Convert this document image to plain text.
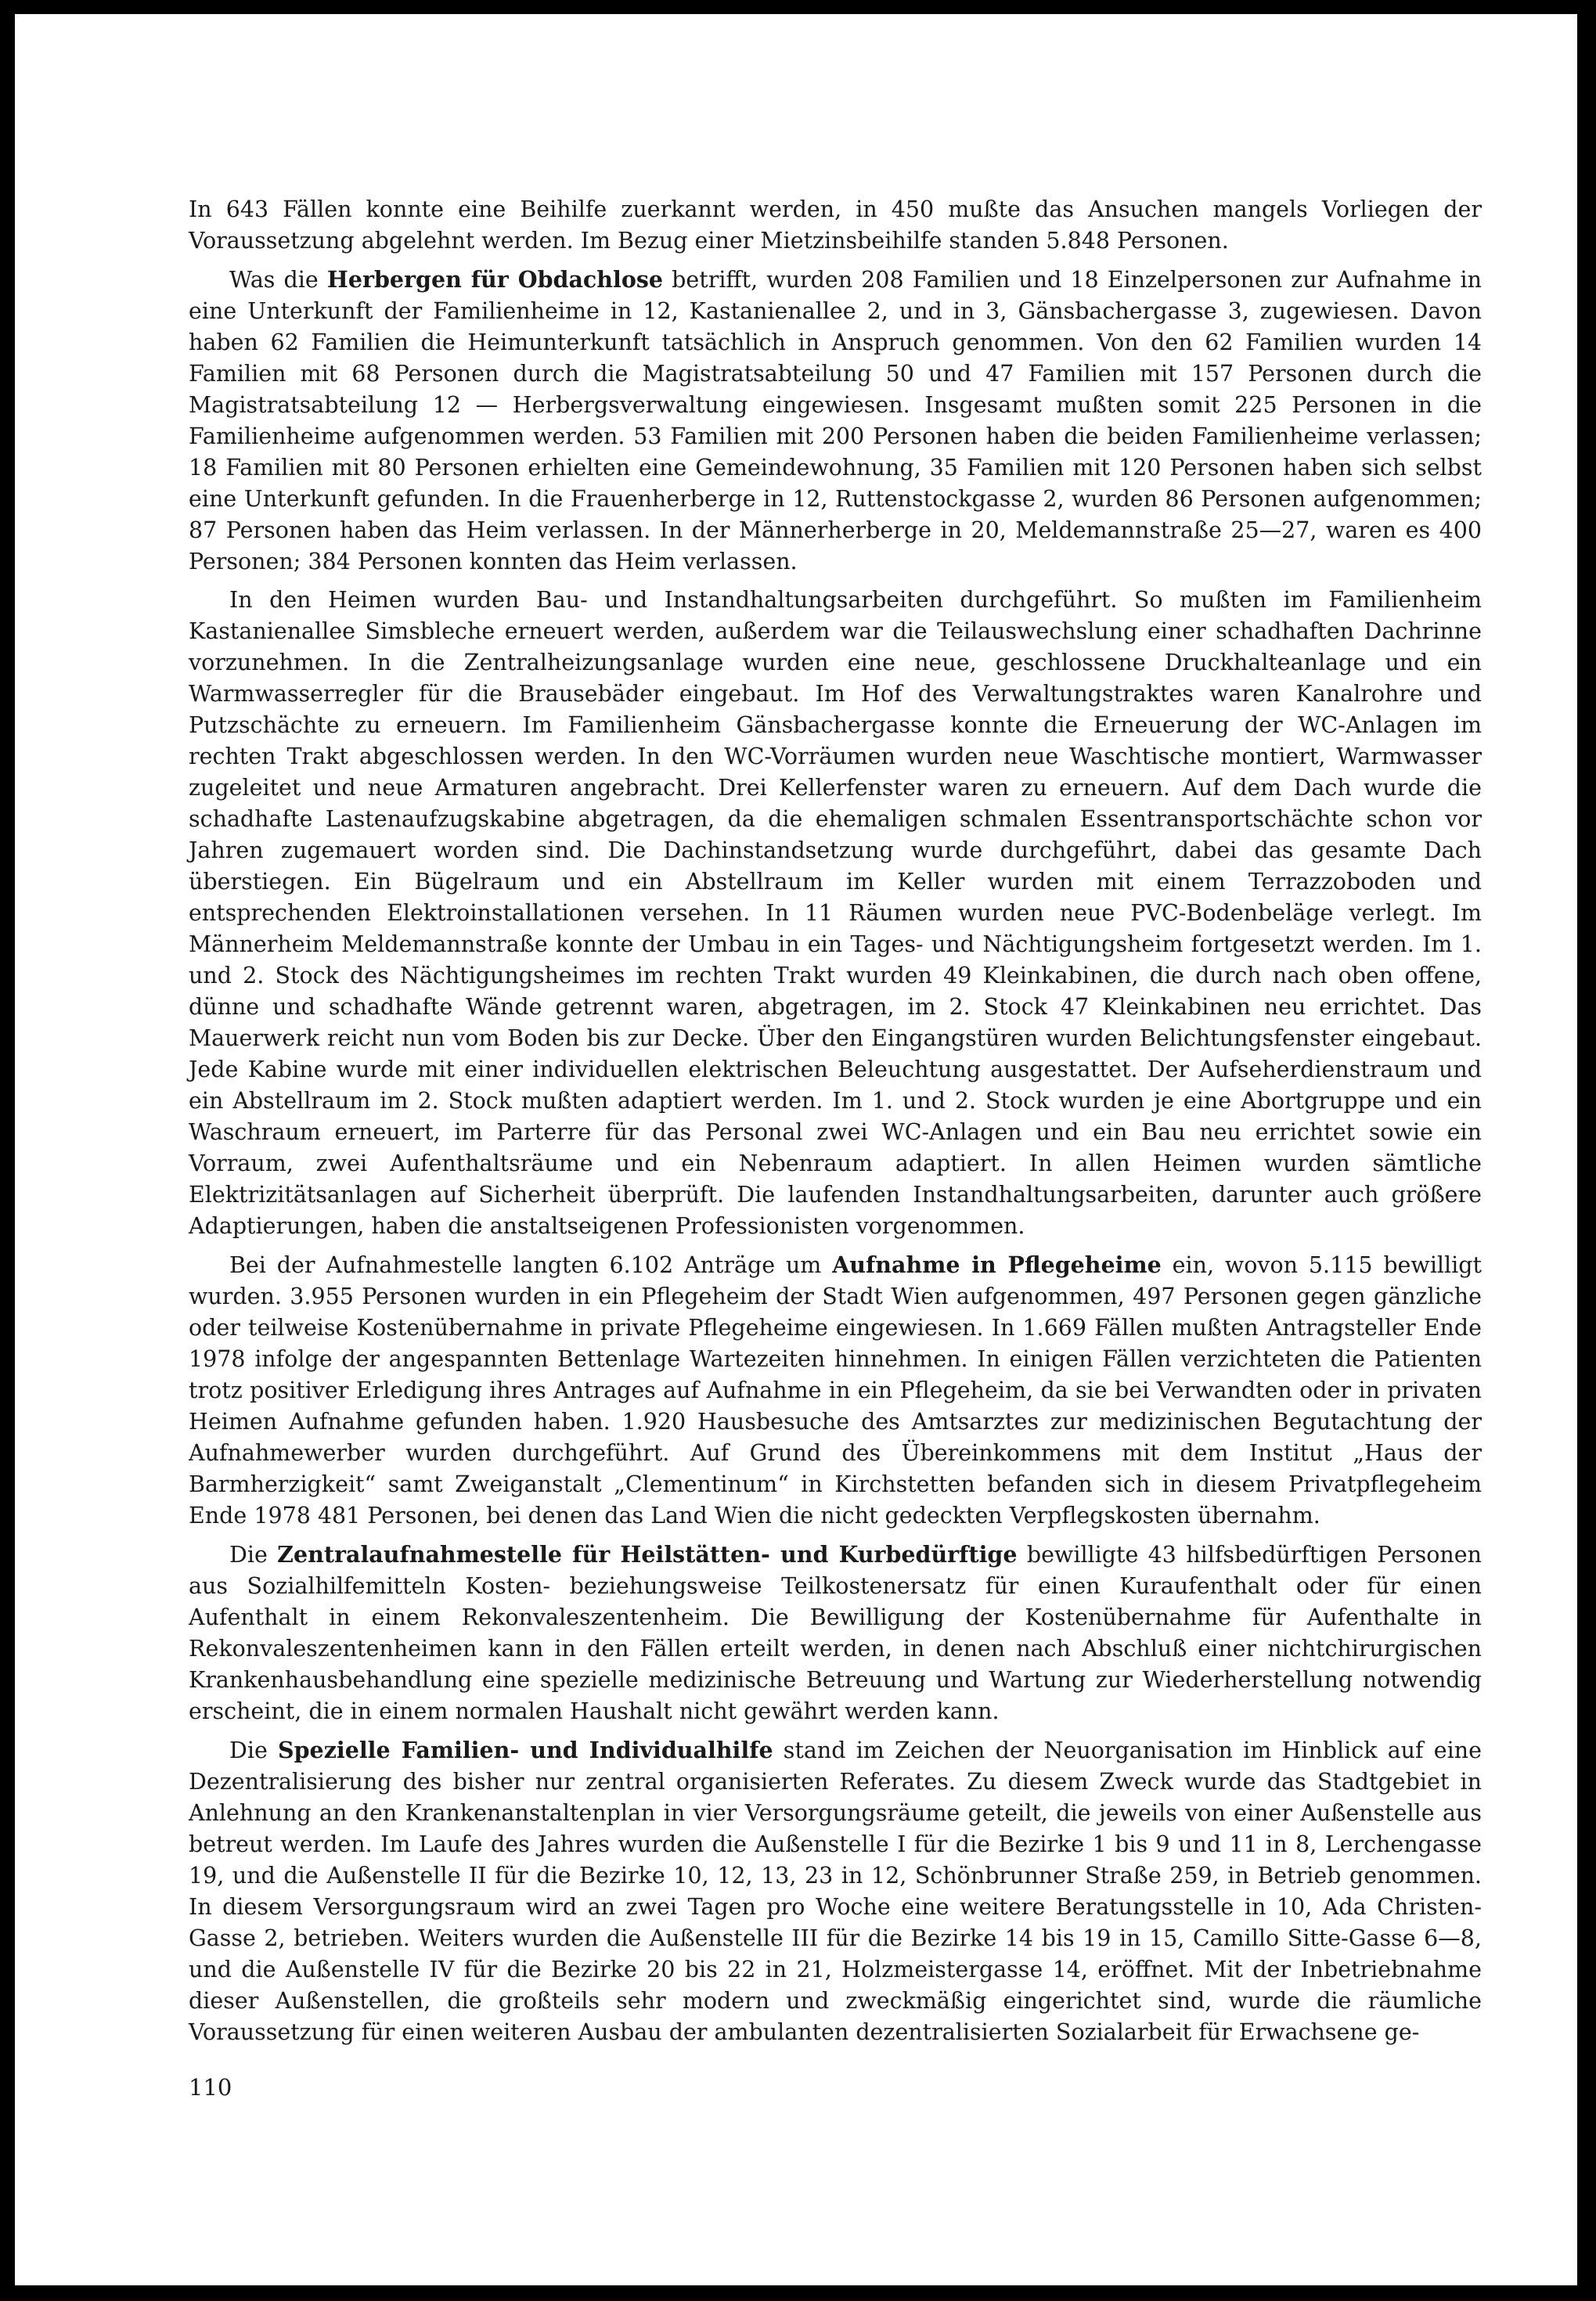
In 643 Fällen konnte eine Beihilfe zuerkannt werden, in 450 mußte das Ansuchen mangels Vorliegen der Voraussetzung abgelehnt werden. Im Bezug einer Mietzinsbeihilfe standen 5.848 Personen.

Was die Herbergen für Obdachlose betrifft, wurden 208 Familien und 18 Einzelpersonen zur Aufnahme in eine Unterkunft der Familienheime in 12, Kastanienallee 2, und in 3, Gänsbachergasse 3, zugewiesen. Davon haben 62 Familien die Heimunterkunft tatsächlich in Anspruch genommen. Von den 62 Familien wurden 14 Familien mit 68 Personen durch die Magistratsabteilung 50 und 47 Familien mit 157 Personen durch die Magistratsabteilung 12 — Herbergsverwaltung eingewiesen. Insgesamt mußten somit 225 Personen in die Familienheime aufgenommen werden. 53 Familien mit 200 Personen haben die beiden Familienheime verlassen; 18 Familien mit 80 Personen erhielten eine Gemeindewohnung, 35 Familien mit 120 Personen haben sich selbst eine Unterkunft gefunden. In die Frauenherberge in 12, Ruttenstockgasse 2, wurden 86 Personen aufgenommen; 87 Personen haben das Heim verlassen. In der Männerherberge in 20, Meldemannstraße 25—27, waren es 400 Personen; 384 Personen konnten das Heim verlassen.

In den Heimen wurden Bau- und Instandhaltungsarbeiten durchgeführt. So mußten im Familienheim Kastanienallee Simsbleche erneuert werden, außerdem war die Teilauswechslung einer schadhaften Dachrinne vorzunehmen. In die Zentralheizungsanlage wurden eine neue, geschlossene Druckhalteanlage und ein Warmwasserregler für die Brausebäder eingebaut. Im Hof des Verwaltungstraktes waren Kanalrohre und Putzschächte zu erneuern. Im Familienheim Gänsbachergasse konnte die Erneuerung der WC-Anlagen im rechten Trakt abgeschlossen werden. In den WC-Vorräumen wurden neue Waschtische montiert, Warmwasser zugeleitet und neue Armaturen angebracht. Drei Kellerfenster waren zu erneuern. Auf dem Dach wurde die schadhafte Lastenaufzugskabine abgetragen, da die ehemaligen schmalen Essentransportschächte schon vor Jahren zugemauert worden sind. Die Dachinstandsetzung wurde durchgeführt, dabei das gesamte Dach überstiegen. Ein Bügelraum und ein Abstellraum im Keller wurden mit einem Terrazzoboden und entsprechenden Elektroinstallationen versehen. In 11 Räumen wurden neue PVC-Bodenbeläge verlegt. Im Männerheim Meldemannstraße konnte der Umbau in ein Tages- und Nächtigungsheim fortgesetzt werden. Im 1. und 2. Stock des Nächtigungsheimes im rechten Trakt wurden 49 Kleinkabinen, die durch nach oben offene, dünne und schadhafte Wände getrennt waren, abgetragen, im 2. Stock 47 Kleinkabinen neu errichtet. Das Mauerwerk reicht nun vom Boden bis zur Decke. Über den Eingangstüren wurden Belichtungsfenster eingebaut. Jede Kabine wurde mit einer individuellen elektrischen Beleuchtung ausgestattet. Der Aufseherdienstraum und ein Abstellraum im 2. Stock mußten adaptiert werden. Im 1. und 2. Stock wurden je eine Abortgruppe und ein Waschraum erneuert, im Parterre für das Personal zwei WC-Anlagen und ein Bau neu errichtet sowie ein Vorraum, zwei Aufenthaltsräume und ein Nebenraum adaptiert. In allen Heimen wurden sämtliche Elektrizitätsanlagen auf Sicherheit überprüft. Die laufenden Instandhaltungsarbeiten, darunter auch größere Adaptierungen, haben die anstaltseigenen Professionisten vorgenommen.

Bei der Aufnahmestelle langten 6.102 Anträge um Aufnahme in Pflegeheime ein, wovon 5.115 bewilligt wurden. 3.955 Personen wurden in ein Pflegeheim der Stadt Wien aufgenommen, 497 Personen gegen gänzliche oder teilweise Kostenübernahme in private Pflegeheime eingewiesen. In 1.669 Fällen mußten Antragsteller Ende 1978 infolge der angespannten Bettenlage Wartezeiten hinnehmen. In einigen Fällen verzichteten die Patienten trotz positiver Erledigung ihres Antrages auf Aufnahme in ein Pflegeheim, da sie bei Verwandten oder in privaten Heimen Aufnahme gefunden haben. 1.920 Hausbesuche des Amtsarztes zur medizinischen Begutachtung der Aufnahmewerber wurden durchgeführt. Auf Grund des Übereinkommens mit dem Institut „Haus der Barmherzigkeit“ samt Zweiganstalt „Clementinum“ in Kirchstetten befanden sich in diesem Privatpflegeheim Ende 1978 481 Personen, bei denen das Land Wien die nicht gedeckten Verpflegskosten übernahm.

Die Zentralaufnahmestelle für Heilstätten- und Kurbedürftige bewilligte 43 hilfsbedürftigen Personen aus Sozialhilfemitteln Kosten- beziehungsweise Teilkostenersatz für einen Kuraufenthalt oder für einen Aufenthalt in einem Rekonvaleszentenheim. Die Bewilligung der Kostenübernahme für Aufenthalte in Rekonvaleszentenheimen kann in den Fällen erteilt werden, in denen nach Abschluß einer nichtchirurgischen Krankenhausbehandlung eine spezielle medizinische Betreuung und Wartung zur Wiederherstellung notwendig erscheint, die in einem normalen Haushalt nicht gewährt werden kann.

Die Spezielle Familien- und Individualhilfe stand im Zeichen der Neuorganisation im Hinblick auf eine Dezentralisierung des bisher nur zentral organisierten Referates. Zu diesem Zweck wurde das Stadtgebiet in Anlehnung an den Krankenanstaltenplan in vier Versorgungsräume geteilt, die jeweils von einer Außenstelle aus betreut werden. Im Laufe des Jahres wurden die Außenstelle I für die Bezirke 1 bis 9 und 11 in 8, Lerchengasse 19, und die Außenstelle II für die Bezirke 10, 12, 13, 23 in 12, Schönbrunner Straße 259, in Betrieb genommen. In diesem Versorgungsraum wird an zwei Tagen pro Woche eine weitere Beratungsstelle in 10, Ada Christen-Gasse 2, betrieben. Weiters wurden die Außenstelle III für die Bezirke 14 bis 19 in 15, Camillo Sitte-Gasse 6—8, und die Außenstelle IV für die Bezirke 20 bis 22 in 21, Holzmeistergasse 14, eröffnet. Mit der Inbetriebnahme dieser Außenstellen, die großteils sehr modern und zweckmäßig eingerichtet sind, wurde die räumliche Voraussetzung für einen weiteren Ausbau der ambulanten dezentralisierten Sozialarbeit für Erwachsene ge-

110
